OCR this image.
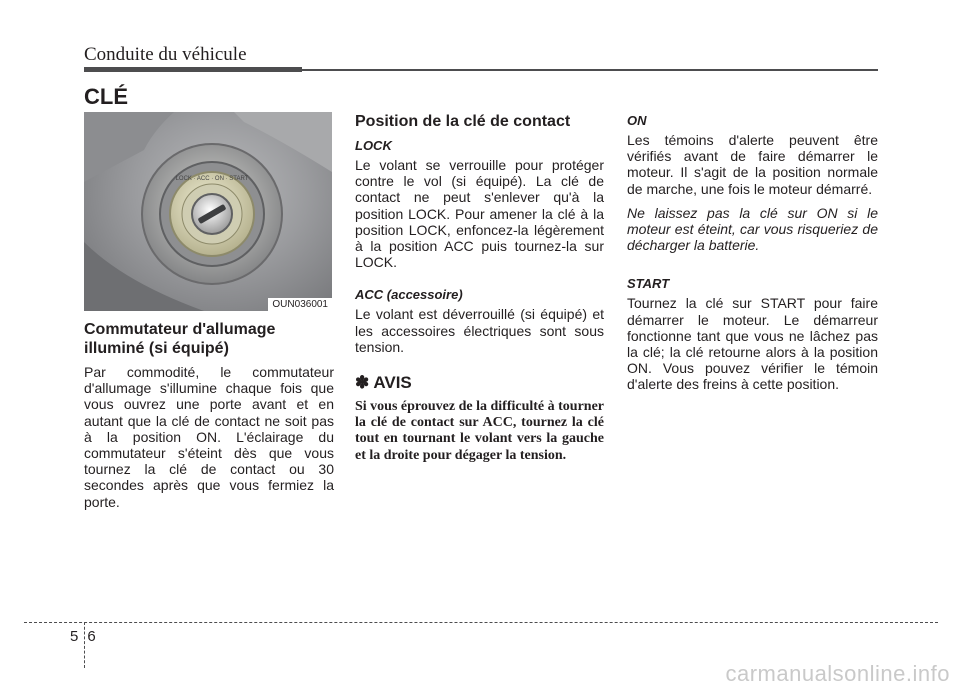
Conduite du véhicule
CLÉ
LOCK · ACC · ON · START
OUN036001

Commutateur d'allumage illuminé (si équipé)

Par commodité, le commutateur d'allumage s'illumine chaque fois que vous ouvrez une porte avant et en autant que la clé de contact ne soit pas à la position ON. L'éclairage du commutateur s'éteint dès que vous tournez la clé de contact ou 30 secondes après que vous fermiez la porte.

Position de la clé de contact

LOCK

Le volant se verrouille pour protéger contre le vol (si équipé). La clé de contact ne peut s'enlever qu'à la position LOCK. Pour amener la clé à la position LOCK, enfoncez-la légèrement à la position ACC puis tournez-la sur LOCK.

ACC (accessoire)

Le volant est déverrouillé (si équipé) et les accessoires électriques sont sous tension.

✽ AVIS

Si vous éprouvez de la difficulté à tourner la clé de contact sur ACC, tournez la clé tout en tournant le volant vers la gauche et la droite pour dégager la tension.

ON

Les témoins d'alerte peuvent être vérifiés avant de faire démarrer le moteur. Il s'agit de la position normale de marche, une fois le moteur démarré.

Ne laissez pas la clé sur ON si le moteur est éteint, car vous risqueriez de décharger la batterie.

START

Tournez la clé sur START pour faire démarrer le moteur. Le démarreur fonctionne tant que vous ne lâchez pas la clé; la clé retourne alors à la position ON. Vous pouvez vérifier le témoin d'alerte des freins à cette position.

56
carmanualsonline.info
